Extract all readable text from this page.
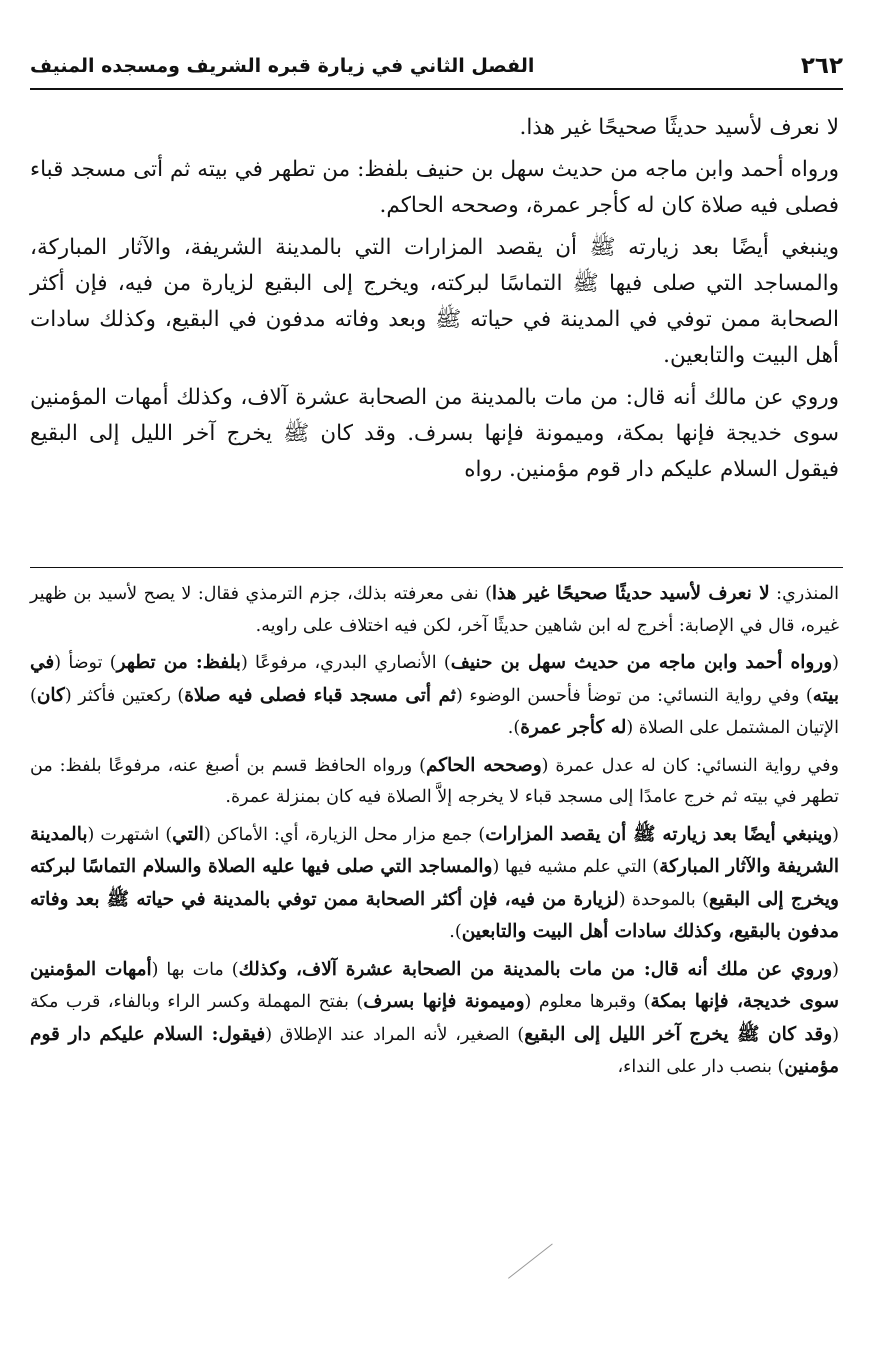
٢٦٢
الفصل الثاني في زيارة قبره الشريف ومسجده المنيف

لا نعرف لأسيد حديثًا صحيحًا غير هذا.

ورواه أحمد وابن ماجه من حديث سهل بن حنيف بلفظ: من تطهر في بيته ثم أتى مسجد قباء فصلى فيه صلاة كان له كأجر عمرة، وصححه الحاكم.

وينبغي أيضًا بعد زيارته ﷺ أن يقصد المزارات التي بالمدينة الشريفة، والآثار المباركة، والمساجد التي صلى فيها ﷺ التماسًا لبركته، ويخرج إلى البقيع لزيارة من فيه، فإن أكثر الصحابة ممن توفي في المدينة في حياته ﷺ وبعد وفاته مدفون في البقيع، وكذلك سادات أهل البيت والتابعين.

وروي عن مالك أنه قال: من مات بالمدينة من الصحابة عشرة آلاف، وكذلك أمهات المؤمنين سوى خديجة فإنها بمكة، وميمونة فإنها بسرف. وقد كان ﷺ يخرج آخر الليل إلى البقيع فيقول السلام عليكم دار قوم مؤمنين. رواه

المنذري: لا نعرف لأسيد حديثًا صحيحًا غير هذا) نفى معرفته بذلك، جزم الترمذي فقال: لا يصح لأسيد بن ظهير غيره، قال في الإصابة: أخرج له ابن شاهين حديثًا آخر، لكن فيه اختلاف على راويه.

(ورواه أحمد وابن ماجه من حديث سهل بن حنيف) الأنصاري البدري، مرفوعًا (بلفظ: من تطهر) توضأ (في بيته) وفي رواية النسائي: من توضأ فأحسن الوضوء (ثم أتى مسجد قباء فصلى فيه صلاة) ركعتين فأكثر (كان) الإتيان المشتمل على الصلاة (له كأجر عمرة).

وفي رواية النسائي: كان له عدل عمرة (وصححه الحاكم) ورواه الحافظ قسم بن أصبغ عنه، مرفوعًا بلفظ: من تطهر في بيته ثم خرج عامدًا إلى مسجد قباء لا يخرجه إلاَّ الصلاة فيه كان بمنزلة عمرة.

(وينبغي أيضًا بعد زيارته ﷺ أن يقصد المزارات) جمع مزار محل الزيارة، أي: الأماكن (التي) اشتهرت (بالمدينة الشريفة والآثار المباركة) التي علم مشيه فيها (والمساجد التي صلى فيها عليه الصلاة والسلام التماسًا لبركته ويخرج إلى البقيع) بالموحدة (لزيارة من فيه، فإن أكثر الصحابة ممن توفي بالمدينة في حياته ﷺ بعد وفاته مدفون بالبقيع، وكذلك سادات أهل البيت والتابعين).

(وروي عن ملك أنه قال: من مات بالمدينة من الصحابة عشرة آلاف، وكذلك) مات بها (أمهات المؤمنين سوى خديجة، فإنها بمكة) وقبرها معلوم (وميمونة فإنها بسرف) بفتح المهملة وكسر الراء وبالفاء، قرب مكة (وقد كان ﷺ يخرج آخر الليل إلى البقيع) الصغير، لأنه المراد عند الإطلاق (فيقول: السلام عليكم دار قوم مؤمنين) بنصب دار على النداء،
